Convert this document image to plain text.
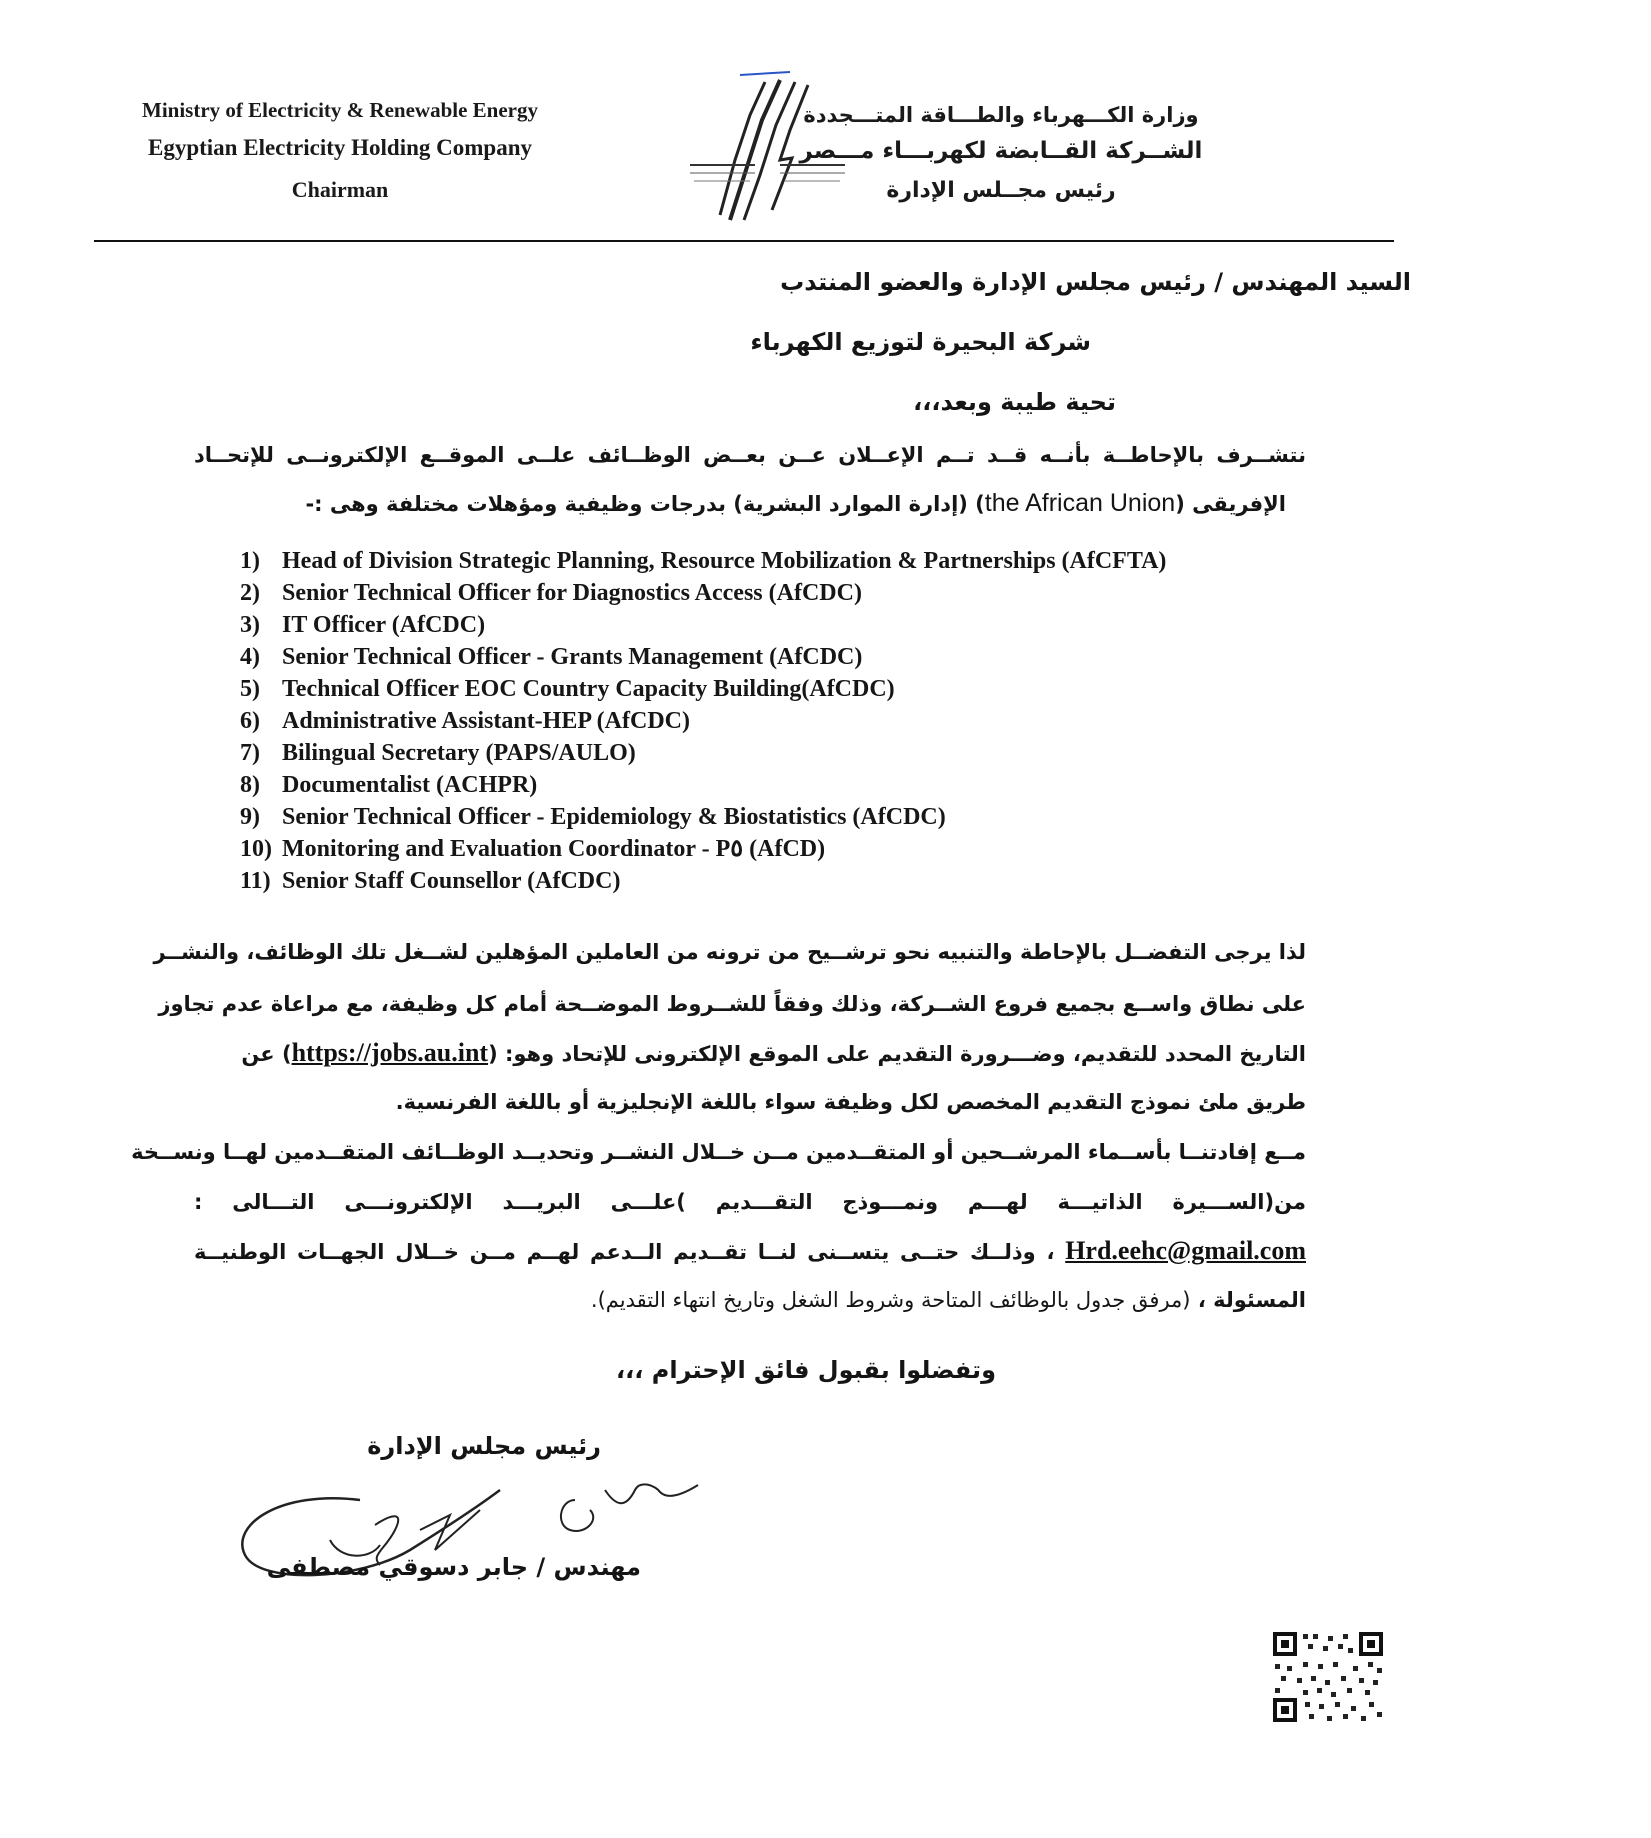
Ministry of Electricity & Renewable Energy
Egyptian Electricity Holding Company
Chairman
وزارة الكـــهرباء والطـــاقة المتـــجددة
الشــركة القــابضة لكهربـــاء مـــصر
رئيس مجــلس الإدارة
السيد المهندس / رئيس مجلس الإدارة والعضو المنتدب
شركة البحيرة لتوزيع الكهرباء
تحية طيبة وبعد،،،
نتشــرف بالإحاطــة بأنــه قــد تــم الإعــلان عــن بعــض الوظــائف علــى الموقــع الإلكترونــى للإتحــاد
الإفريقى (the African Union) (إدارة الموارد البشرية) بدرجات وظيفية ومؤهلات مختلفة وهى :-
1) Head of Division Strategic Planning, Resource Mobilization & Partnerships (AfCFTA)
2) Senior Technical Officer for Diagnostics Access (AfCDC)
3) IT Officer (AfCDC)
4) Senior Technical Officer - Grants Management (AfCDC)
5) Technical Officer EOC Country Capacity Building(AfCDC)
6) Administrative Assistant-HEP (AfCDC)
7) Bilingual Secretary (PAPS/AULO)
8) Documentalist (ACHPR)
9) Senior Technical Officer - Epidemiology & Biostatistics (AfCDC)
10) Monitoring and Evaluation Coordinator - P٥ (AfCD)
11) Senior Staff Counsellor (AfCDC)
لذا يرجى التفضــل بالإحاطة والتنبيه نحو ترشــيح من ترونه من العاملين المؤهلين لشــغل تلك الوظائف، والنشــر
على نطاق واســع بجميع فروع الشــركة، وذلك وفقاً للشــروط الموضــحة أمام كل وظيفة، مع مراعاة عدم تجاوز
التاريخ المحدد للتقديم، وضـــرورة التقديم على الموقع الإلكترونى للإتحاد وهو: (https://jobs.au.int) عن
طريق ملئ نموذج التقديم المخصص لكل وظيفة سواء باللغة الإنجليزية أو باللغة الفرنسية.
مــع إفادتنــا بأســماء المرشــحين أو المتقــدمين مــن خــلال النشــر وتحديــد الوظــائف المتقــدمين لهــا ونســخة
من(الســـيرة الذاتيـــة لهـــم ونمـــوذج التقـــديم )علـــى البريـــد الإلكترونـــى التـــالى :
Hrd.eehc@gmail.com ، وذلــك حتــى يتســنى لنــا تقــديم الــدعم لهــم مــن خــلال الجهــات الوطنيــة
المسئولة ، (مرفق جدول بالوظائف المتاحة وشروط الشغل وتاريخ انتهاء التقديم).
وتفضلوا بقبول فائق الإحترام ،،،
رئيس مجلس الإدارة
مهندس / جابر دسوقي مصطفى
